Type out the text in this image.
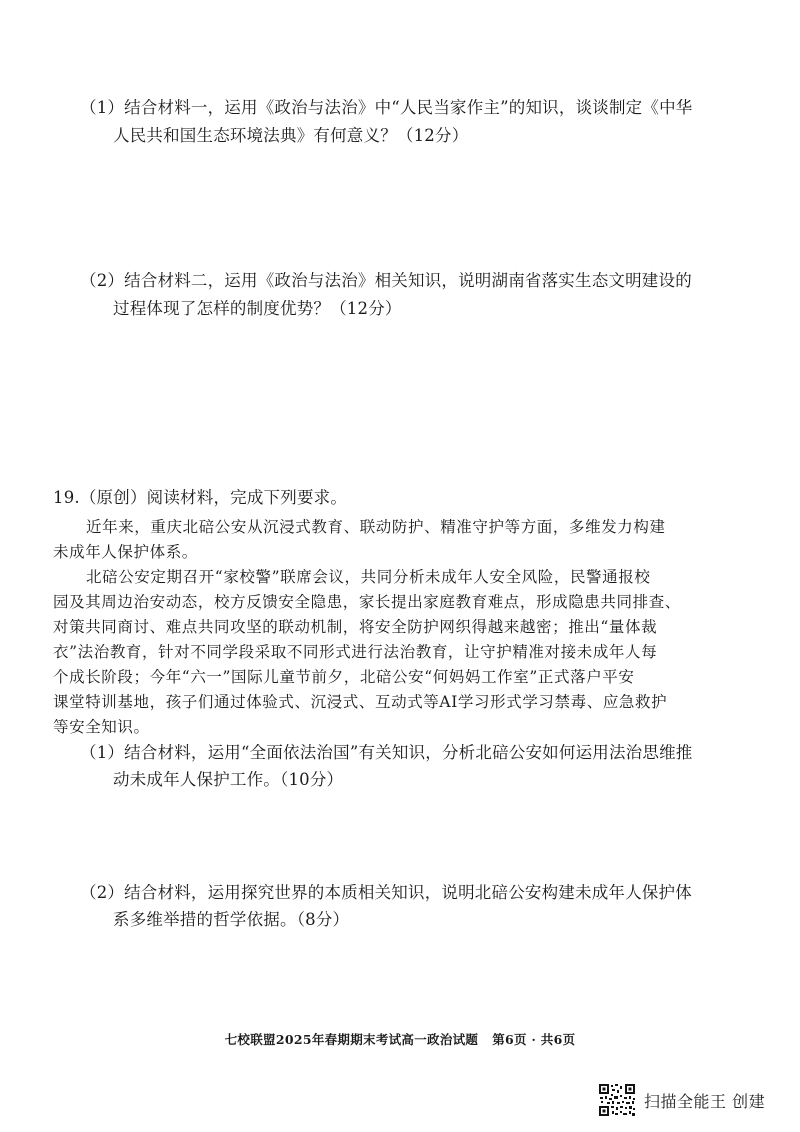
（1）结合材料一，运用《政治与法治》中“人民当家作主”的知识，谈谈制定《中华
人民共和国生态环境法典》有何意义？（12分）
（2）结合材料二，运用《政治与法治》相关知识，说明湖南省落实生态文明建设的
过程体现了怎样的制度优势？（12分）
19.（原创）阅读材料，完成下列要求。
近年来，重庆北碚公安从沉浸式教育、联动防护、精准守护等方面，多维发力构建
未成年人保护体系。
北碚公安定期召开“家校警”联席会议，共同分析未成年人安全风险，民警通报校
园及其周边治安动态，校方反馈安全隐患，家长提出家庭教育难点，形成隐患共同排查、
对策共同商讨、难点共同攻坚的联动机制，将安全防护网织得越来越密；推出“量体裁
衣”法治教育，针对不同学段采取不同形式进行法治教育，让守护精准对接未成年人每
个成长阶段；今年“六一”国际儿童节前夕，北碚公安“何妈妈工作室”正式落户平安
课堂特训基地，孩子们通过体验式、沉浸式、互动式等AI学习形式学习禁毒、应急救护
等安全知识。
（1）结合材料，运用“全面依法治国”有关知识，分析北碚公安如何运用法治思维推
动未成年人保护工作。（10分）
（2）结合材料，运用探究世界的本质相关知识，说明北碚公安构建未成年人保护体
系多维举措的哲学依据。（8分）
七校联盟2025年春期期末考试高一政治试题 第6页 · 共6页
扫描全能王 创建
